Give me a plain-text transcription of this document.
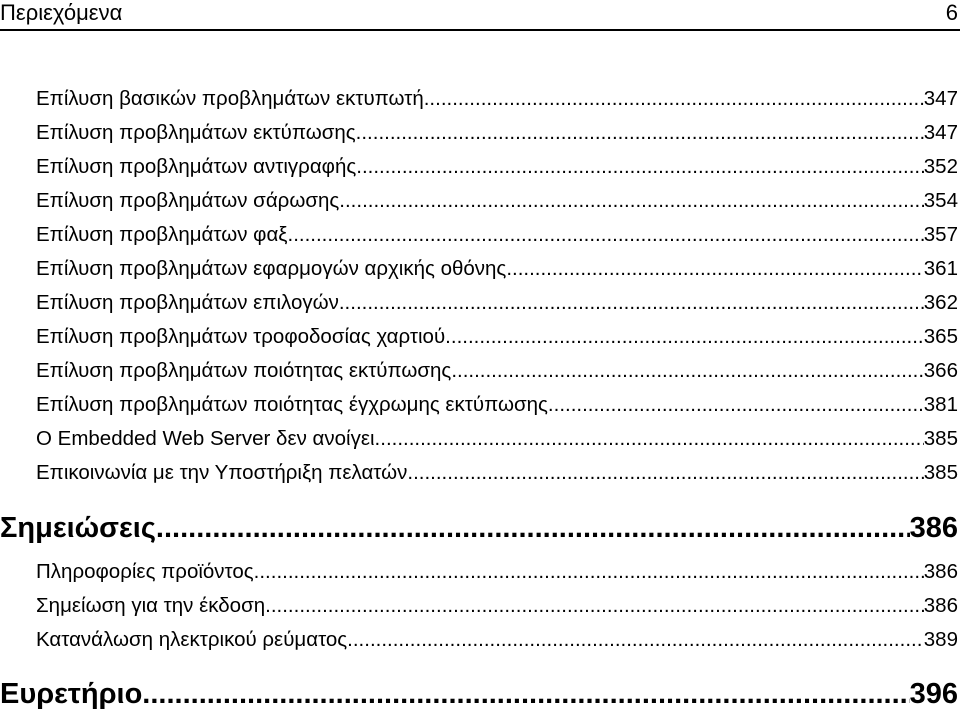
Περιεχόμενα	6
Επίλυση βασικών προβλημάτων εκτυπωτή .....	347
Επίλυση προβλημάτων εκτύπωσης .....	347
Επίλυση προβλημάτων αντιγραφής .....	352
Επίλυση προβλημάτων σάρωσης .....	354
Επίλυση προβλημάτων φαξ .....	357
Επίλυση προβλημάτων εφαρμογών αρχικής οθόνης .....	361
Επίλυση προβλημάτων επιλογών .....	362
Επίλυση προβλημάτων τροφοδοσίας χαρτιού .....	365
Επίλυση προβλημάτων ποιότητας εκτύπωσης .....	366
Επίλυση προβλημάτων ποιότητας έγχρωμης εκτύπωσης .....	381
Ο Embedded Web Server δεν ανοίγει .....	385
Επικοινωνία με την Υποστήριξη πελατών .....	385
Σημειώσεις .....	386
Πληροφορίες προϊόντος .....	386
Σημείωση για την έκδοση .....	386
Κατανάλωση ηλεκτρικού ρεύματος .....	389
Ευρετήριο .....	396
